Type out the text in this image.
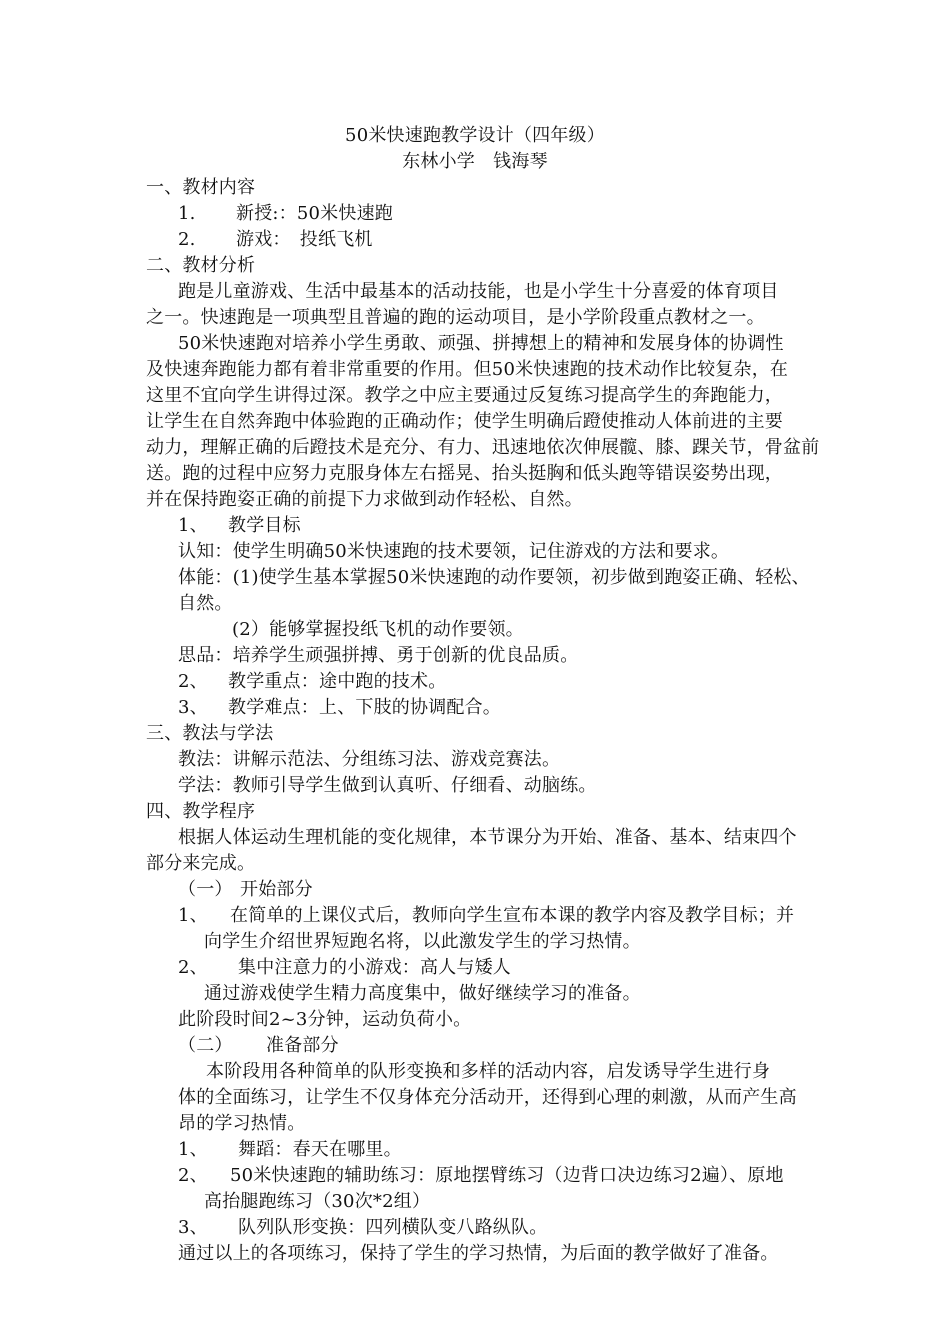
50米快速跑教学设计（四年级）
东林小学　钱海琴
一、教材内容
1. 新授:：50米快速跑
2. 游戏：　投纸飞机
二、教材分析
跑是儿童游戏、生活中最基本的活动技能，也是小学生十分喜爱的体育项目
之一。快速跑是一项典型且普遍的跑的运动项目，是小学阶段重点教材之一。
50米快速跑对培养小学生勇敢、顽强、拼搏想上的精神和发展身体的协调性
及快速奔跑能力都有着非常重要的作用。但50米快速跑的技术动作比较复杂，在
这里不宜向学生讲得过深。教学之中应主要通过反复练习提高学生的奔跑能力，
让学生在自然奔跑中体验跑的正确动作；使学生明确后蹬使推动人体前进的主要
动力，理解正确的后蹬技术是充分、有力、迅速地依次伸展髋、膝、踝关节，骨盆前
送。跑的过程中应努力克服身体左右摇晃、抬头挺胸和低头跑等错误姿势出现，
并在保持跑姿正确的前提下力求做到动作轻松、自然。
1、 教学目标
认知：使学生明确50米快速跑的技术要领，记住游戏的方法和要求。
体能：(1)使学生基本掌握50米快速跑的动作要领，初步做到跑姿正确、轻松、
自然。
(2）能够掌握投纸飞机的动作要领。
思品：培养学生顽强拼搏、勇于创新的优良品质。
2、 教学重点：途中跑的技术。
3、 教学难点：上、下肢的协调配合。
三、教法与学法
教法：讲解示范法、分组练习法、游戏竞赛法。
学法：教师引导学生做到认真听、仔细看、动脑练。
四、教学程序
根据人体运动生理机能的变化规律，本节课分为开始、准备、基本、结束四个
部分来完成。
（一） 开始部分
1、 在简单的上课仪式后，教师向学生宣布本课的教学内容及教学目标；并
向学生介绍世界短跑名将，以此激发学生的学习热情。
2、 集中注意力的小游戏：高人与矮人
通过游戏使学生精力高度集中，做好继续学习的准备。
此阶段时间2~3分钟，运动负荷小。
（二） 准备部分
本阶段用各种简单的队形变换和多样的活动内容，启发诱导学生进行身
体的全面练习，让学生不仅身体充分活动开，还得到心理的刺激，从而产生高
昂的学习热情。
1、 舞蹈：春天在哪里。
2、 50米快速跑的辅助练习：原地摆臂练习（边背口决边练习2遍）、原地
高抬腿跑练习（30次*2组）
3、 队列队形变换：四列横队变八路纵队。
通过以上的各项练习，保持了学生的学习热情，为后面的教学做好了准备。
